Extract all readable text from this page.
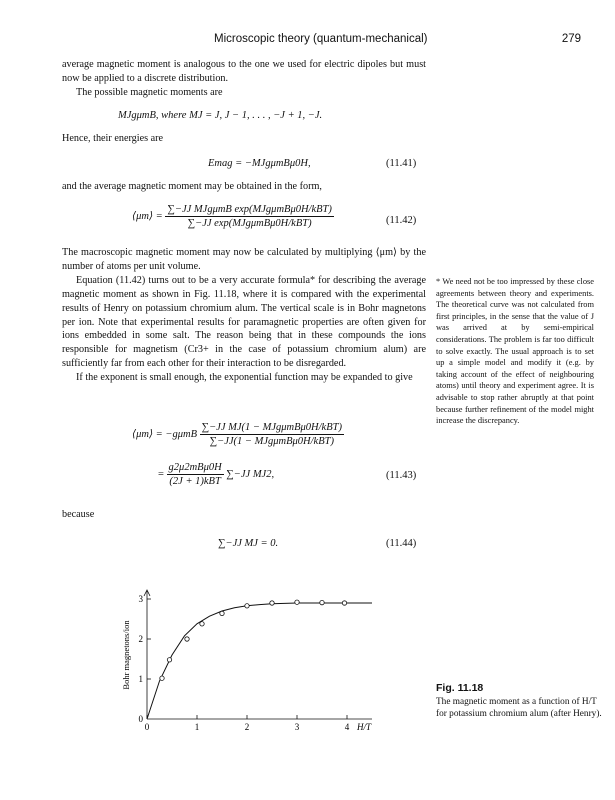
Microscopic theory (quantum-mechanical)	279

average magnetic moment is analogous to the one we used for electric dipoles but must now be applied to a discrete distribution.

The possible magnetic moments are

MJgμmB, where MJ = J, J − 1, . . . , −J + 1, −J.
Hence, their energies are
Emag = −MJgμmBμ0H,	(11.41)
and the average magnetic moment may be obtained in the form,
⟨μm⟩ = $\frac{\text{∑−JJ MJgμmB exp(MJgμmBμ0H/kBT)}}{\text{∑−JJ exp(MJgμmBμ0H/kBT)}}$	(11.42)

The macroscopic magnetic moment may now be calculated by multiplying ⟨μm⟩ by the number of atoms per unit volume.

Equation (11.42) turns out to be a very accurate formula* for describing the average magnetic moment as shown in Fig. 11.18, where it is compared with the experimental results of Henry on potassium chromium alum. The vertical scale is in Bohr magnetons per ion. Note that experimental results for paramagnetic properties are often given for ions embedded in some salt. The reason being that in these compounds the ions responsible for magnetism (Cr3+ in the case of potassium chromium alum) are sufficiently far from each other for their interaction to be disregarded.

If the exponent is small enough, the exponential function may be expanded to give

⟨μm⟩ = $-g\mu mB \frac{\text{∑−JJ MJ(1 − MJgμmBμ0H/kBT)}}{\text{∑−JJ(1 − MJgμmBμ0H/kBT)}}$
= $\frac{\text{g2μ2mBμ0H}}{\text{(2J + 1)kBT}} \sum-JJ$ MJ2,	(11.43)
because
∑−JJ MJ = 0.	(11.44)
* We need not be too impressed by these close agreements between theory and experiments. The theoretical curve was not calculated from first principles, in the sense that the value of J was arrived at by semi-empirical considerations. The problem is far too difficult to solve exactly. The usual approach is to set up a simple model and modify it (e.g. by taking account of the effect of neighbouring atoms) until theory and experiment agree. It is advisable to stop rather abruptly at that point because further refinement of the model might increase the discrepancy.
0	1	2	3	4
0
1
2
3
H/T
Bohr magnetons/ion	Fig. 11.18
The magnetic moment as a function of H/T for potassium chromium alum (after Henry).
